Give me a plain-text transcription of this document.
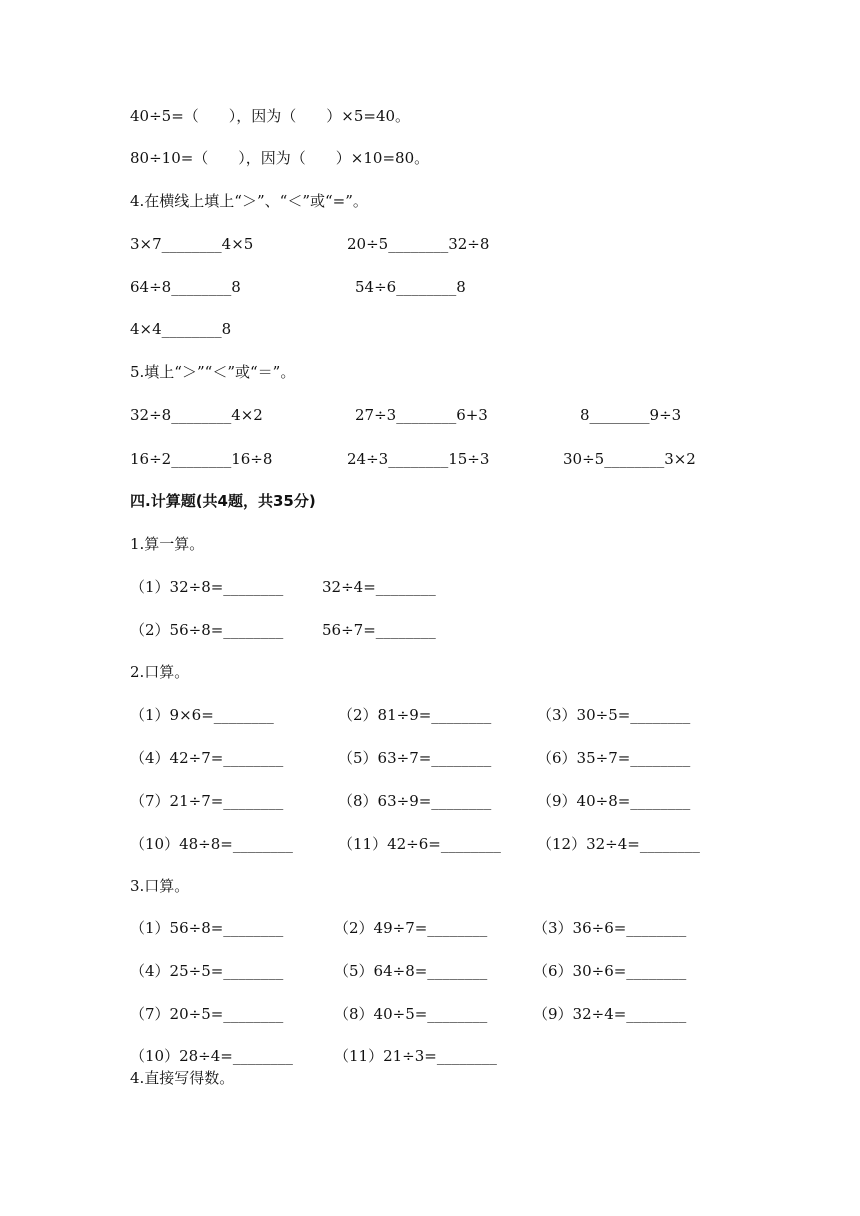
40÷5=（　　），因为（　　）×5=40。
80÷10=（　　），因为（　　）×10=80。
4.在横线上填上“＞”、“＜”或“=”。
3×7________4×5	20÷5________32÷8
64÷8________8	54÷6________8
4×4________8
5.填上“＞”“＜”或“＝”。
32÷8________4×2	27÷3________6+3	8________9÷3
16÷2________16÷8	24÷3________15÷3	30÷5________3×2
四.计算题(共4题，共35分)
1.算一算。
（1）32÷8=________	32÷4=________
（2）56÷8=________	56÷7=________
2.口算。
（1）9×6=________	（2）81÷9=________	（3）30÷5=________
（4）42÷7=________	（5）63÷7=________	（6）35÷7=________
（7）21÷7=________	（8）63÷9=________	（9）40÷8=________
（10）48÷8=________	（11）42÷6=________ （12）32÷4=________
3.口算。
（1）56÷8=________	（2）49÷7=________	（3）36÷6=________
（4）25÷5=________	（5）64÷8=________	（6）30÷6=________
（7）20÷5=________	（8）40÷5=________	（9）32÷4=________
（10）28÷4=________	（11）21÷3=________
4.直接写得数。
